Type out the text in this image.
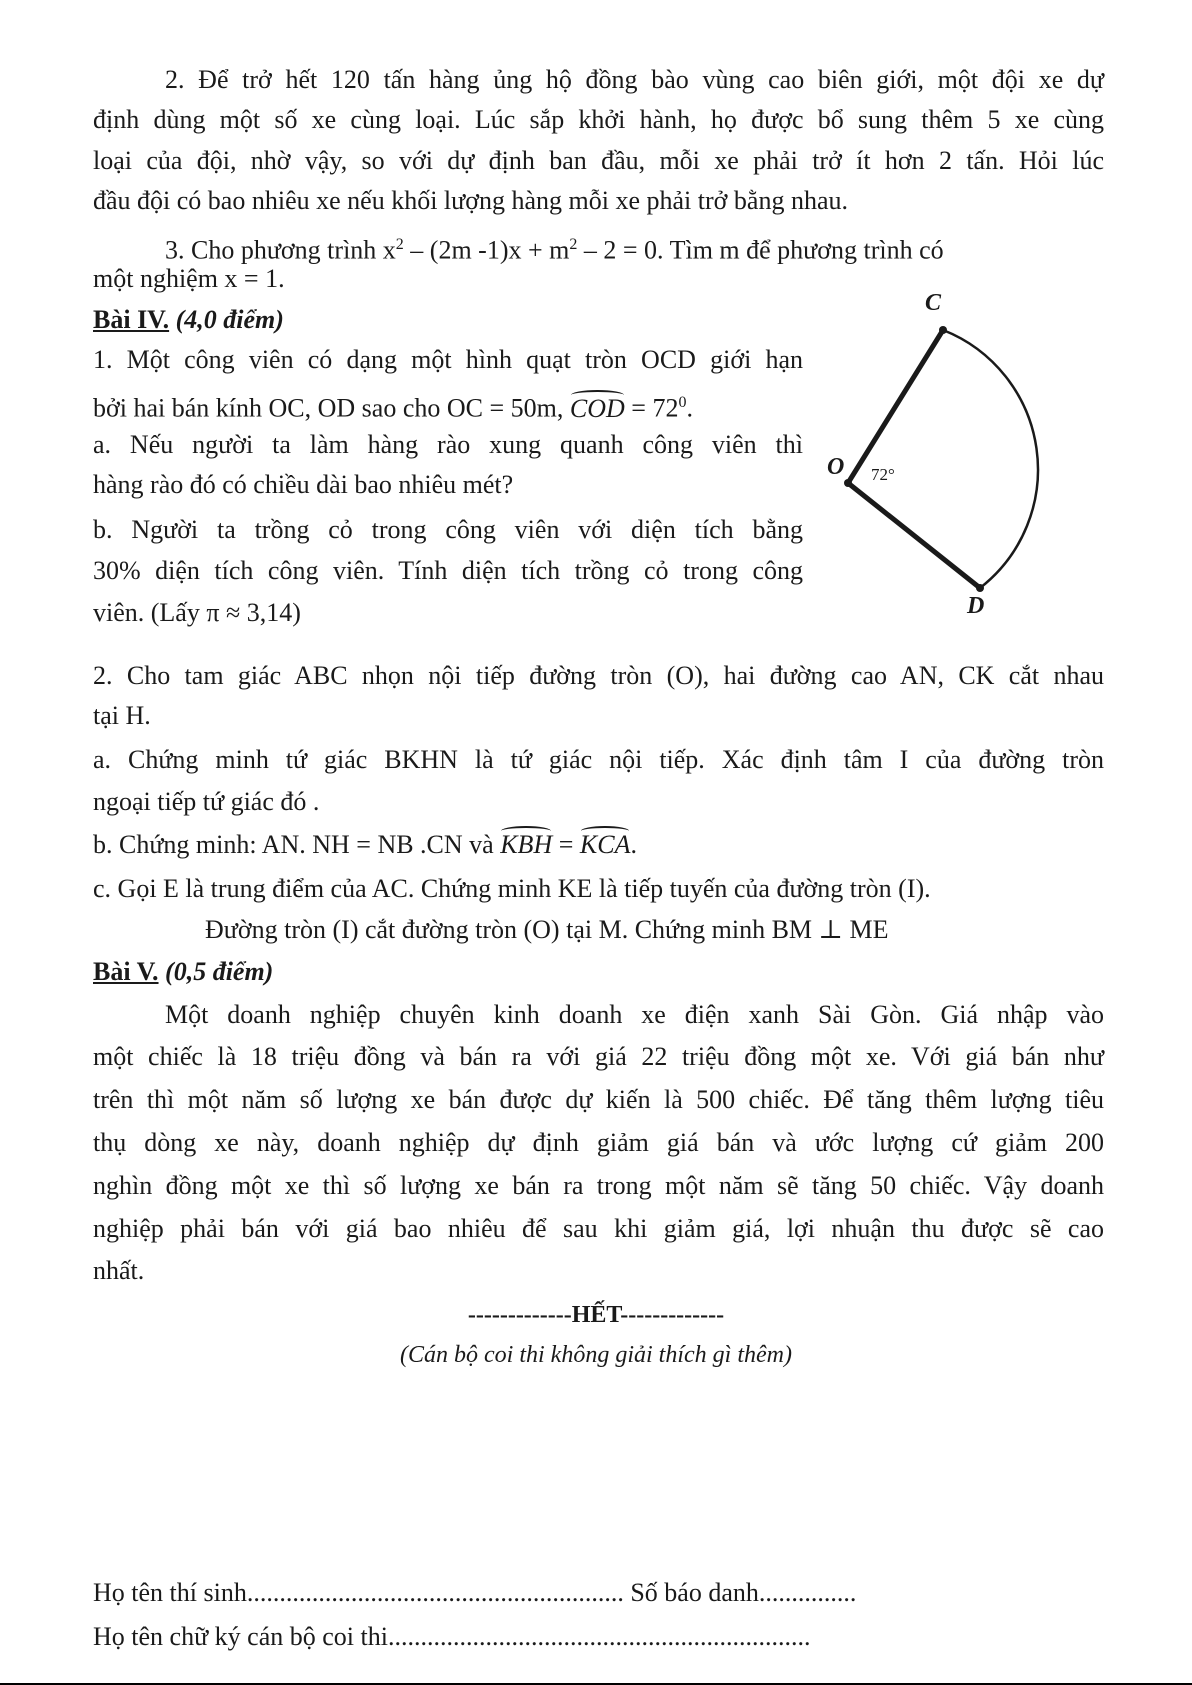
2. Để trở hết 120 tấn hàng ủng hộ đồng bào vùng cao biên giới, một đội xe dự
định dùng một số xe cùng loại. Lúc sắp khởi hành, họ được bổ sung thêm 5 xe cùng
loại của đội, nhờ vậy, so với dự định ban đầu, mỗi xe phải trở ít hơn 2 tấn. Hỏi lúc
đầu đội có bao nhiêu xe nếu khối lượng hàng mỗi xe phải trở bằng nhau.
3. Cho phương trình $x^2 - (2m$ $-1)x + m^2 - 2 = 0$. Tìm m để phương trình có
một nghiệm x = 1.
Bài IV. (4,0 điểm)
1. Một công viên có dạng một hình quạt tròn OCD giới hạn
bởi hai bán kính OC, OD sao cho OC = 50m, COD = $72^0$.
a. Nếu người ta làm hàng rào xung quanh công viên thì
hàng rào đó có chiều dài bao nhiêu mét?
b. Người ta trồng cỏ trong công viên với diện tích bằng
30% diện tích công viên. Tính diện tích trồng cỏ trong công
viên. (Lấy π ≈ 3,14)
C
O
D
72°
2. Cho tam giác ABC nhọn nội tiếp đường tròn (O), hai đường cao AN, CK cắt nhau
tại H.
a. Chứng minh tứ giác BKHN là tứ giác nội tiếp. Xác định tâm I của đường tròn
ngoại tiếp tứ giác đó .
b. Chứng minh: AN. NH = NB .CN và KBH = KCA.
c. Gọi E là trung điểm của AC. Chứng minh KE là tiếp tuyến của đường tròn (I).
Đường tròn (I) cắt đường tròn (O) tại M. Chứng minh BM ⊥ ME
Bài V. (0,5 điểm)
Một doanh nghiệp chuyên kinh doanh xe điện xanh Sài Gòn. Giá nhập vào
một chiếc là 18 triệu đồng và bán ra với giá 22 triệu đồng một xe. Với giá bán như
trên thì một năm số lượng xe bán được dự kiến là 500 chiếc. Để tăng thêm lượng tiêu
thụ dòng xe này, doanh nghiệp dự định giảm giá bán và ước lượng cứ giảm 200
nghìn đồng một xe thì số lượng xe bán ra trong một năm sẽ tăng 50 chiếc. Vậy doanh
nghiệp phải bán với giá bao nhiêu để sau khi giảm giá, lợi nhuận thu được sẽ cao
nhất.
-------------HẾT-------------
(Cán bộ coi thi không giải thích gì thêm)
Họ tên thí sinh.......................................................... Số báo danh...............
Họ tên chữ ký cán bộ coi thi.................................................................
